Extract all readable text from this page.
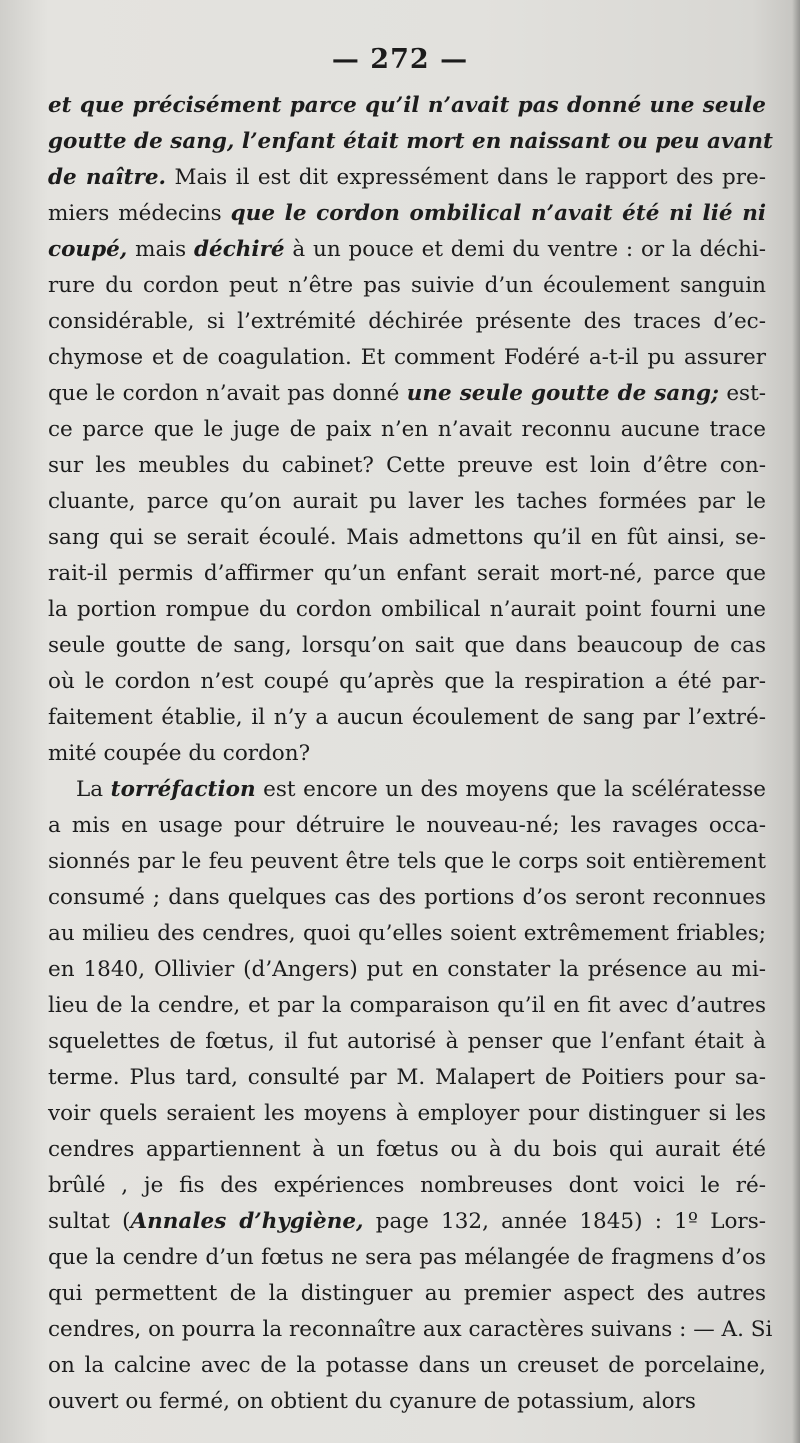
— 272 —
et que précisément parce qu’il n’avait pas donné une seule
goutte de sang, l’enfant était mort en naissant ou peu avant
de naître. Mais il est dit expressément dans le rapport des pre-
miers médecins que le cordon ombilical n’avait été ni lié ni
coupé, mais déchiré à un pouce et demi du ventre : or la déchi-
rure du cordon peut n’être pas suivie d’un écoulement sanguin
considérable, si l’extrémité déchirée présente des traces d’ec-
chymose et de coagulation. Et comment Fodéré a-t-il pu assurer
que le cordon n’avait pas donné une seule goutte de sang; est-
ce parce que le juge de paix n’en n’avait reconnu aucune trace
sur les meubles du cabinet? Cette preuve est loin d’être con-
cluante, parce qu’on aurait pu laver les taches formées par le
sang qui se serait écoulé. Mais admettons qu’il en fût ainsi, se-
rait-il permis d’affirmer qu’un enfant serait mort-né, parce que
la portion rompue du cordon ombilical n’aurait point fourni une
seule goutte de sang, lorsqu’on sait que dans beaucoup de cas
où le cordon n’est coupé qu’après que la respiration a été par-
faitement établie, il n’y a aucun écoulement de sang par l’extré-
mité coupée du cordon?
La torréfaction est encore un des moyens que la scélératesse
a mis en usage pour détruire le nouveau-né; les ravages occa-
sionnés par le feu peuvent être tels que le corps soit entièrement
consumé ; dans quelques cas des portions d’os seront reconnues
au milieu des cendres, quoi qu’elles soient extrêmement friables;
en 1840, Ollivier (d’Angers) put en constater la présence au mi-
lieu de la cendre, et par la comparaison qu’il en fit avec d’autres
squelettes de fœtus, il fut autorisé à penser que l’enfant était à
terme. Plus tard, consulté par M. Malapert de Poitiers pour sa-
voir quels seraient les moyens à employer pour distinguer si les
cendres appartiennent à un fœtus ou à du bois qui aurait été
brûlé , je fis des expériences nombreuses dont voici le ré-
sultat (Annales d’hygiène, page 132, année 1845) : 1º Lors-
que la cendre d’un fœtus ne sera pas mélangée de fragmens d’os
qui permettent de la distinguer au premier aspect des autres
cendres, on pourra la reconnaître aux caractères suivans : — A. Si
on la calcine avec de la potasse dans un creuset de porcelaine,
ouvert ou fermé, on obtient du cyanure de potassium, alors
